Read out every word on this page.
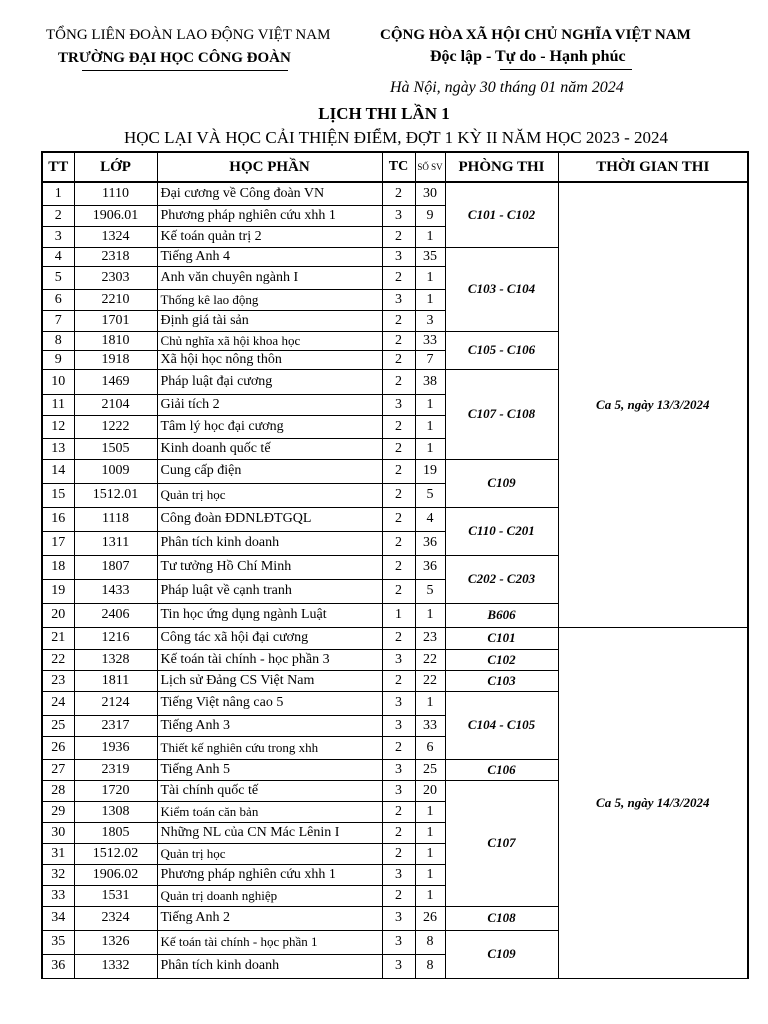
TỔNG LIÊN ĐOÀN LAO ĐỘNG VIỆT NAM
TRƯỜNG ĐẠI HỌC CÔNG ĐOÀN
CỘNG HÒA XÃ HỘI CHỦ NGHĨA VIỆT NAM
Độc lập - Tự do - Hạnh phúc
Hà Nội, ngày 30 tháng 01 năm 2024
LỊCH THI LẦN 1
HỌC LẠI VÀ HỌC CẢI THIỆN ĐIỂM, ĐỢT 1 KỲ II NĂM HỌC 2023 - 2024
TT	LỚP	HỌC PHẦN	TC	SỐ SV	PHÒNG THI	THỜI GIAN THI
1	1110	Đại cương về Công đoàn VN	2	30	C101 - C102	Ca 5, ngày 13/3/2024
2	1906.01	Phương pháp nghiên cứu xhh 1	3	9		
3	1324	Kế toán quản trị 2	2	1		
4	2318	Tiếng Anh 4	3	35	C103 - C104	
5	2303	Anh văn chuyên ngành I	2	1		
6	2210	Thống kê lao động	3	1		
7	1701	Định giá tài sản	2	3		
8	1810	Chủ nghĩa xã hội khoa học	2	33	C105 - C106	
9	1918	Xã hội học nông thôn	2	7		
10	1469	Pháp luật đại cương	2	38	C107 - C108	
11	2104	Giải tích 2	3	1		
12	1222	Tâm lý học đại cương	2	1		
13	1505	Kinh doanh quốc tế	2	1		
14	1009	Cung cấp điện	2	19	C109	
15	1512.01	Quản trị học	2	5		
16	1118	Công đoàn ĐDNLĐTGQL	2	4	C110 - C201	
17	1311	Phân tích kinh doanh	2	36		
18	1807	Tư tưởng Hồ Chí Minh	2	36	C202 - C203	
19	1433	Pháp luật về cạnh tranh	2	5		
20	2406	Tin học ứng dụng ngành Luật	1	1	B606	
21	1216	Công tác xã hội đại cương	2	23	C101	Ca 5, ngày 14/3/2024
22	1328	Kế toán tài chính - học phần 3	3	22	C102	
23	1811	Lịch sử Đảng CS Việt Nam	2	22	C103	
24	2124	Tiếng Việt nâng cao 5	3	1	C104 - C105	
25	2317	Tiếng Anh 3	3	33		
26	1936	Thiết kế nghiên cứu trong xhh	2	6		
27	2319	Tiếng Anh 5	3	25	C106	
28	1720	Tài chính quốc tế	3	20	C107	
29	1308	Kiểm toán căn bản	2	1		
30	1805	Những NL của CN Mác Lênin I	2	1		
31	1512.02	Quản trị học	2	1		
32	1906.02	Phương pháp nghiên cứu xhh 1	3	1		
33	1531	Quản trị doanh nghiệp	2	1		
34	2324	Tiếng Anh 2	3	26	C108	
35	1326	Kế toán tài chính - học phần 1	3	8	C109	
36	1332	Phân tích kinh doanh	3	8		
